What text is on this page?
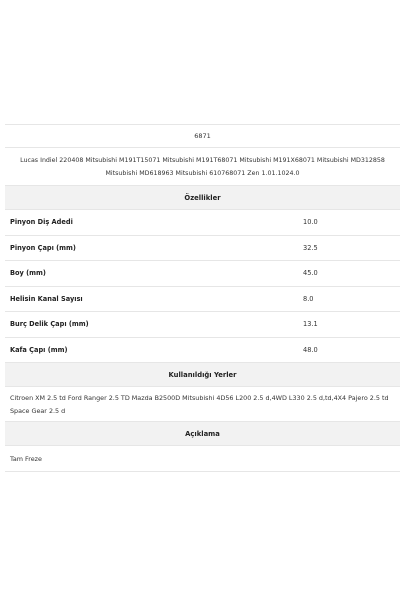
6871
Lucas Indiel 220408 Mitsubishi M191T15071 Mitsubishi M191T68071 Mitsubishi M191X68071 Mitsubishi MD312858 Mitsubishi MD618963 Mitsubishi 610768071 Zen 1.01.1024.0
Özellikler
Pinyon Diş Adedi	10.0
Pinyon Çapı (mm)	32.5
Boy (mm)	45.0
Helisin Kanal Sayısı	8.0
Burç Delik Çapı (mm)	13.1
Kafa Çapı (mm)	48.0
Kullanıldığı Yerler
Citroen XM 2.5 td Ford Ranger 2.5 TD Mazda B2500D Mitsubishi 4D56 L200 2.5 d,4WD L330 2.5 d,td,4X4 Pajero 2.5 td Space Gear 2.5 d
Açıklama
Tam Freze
